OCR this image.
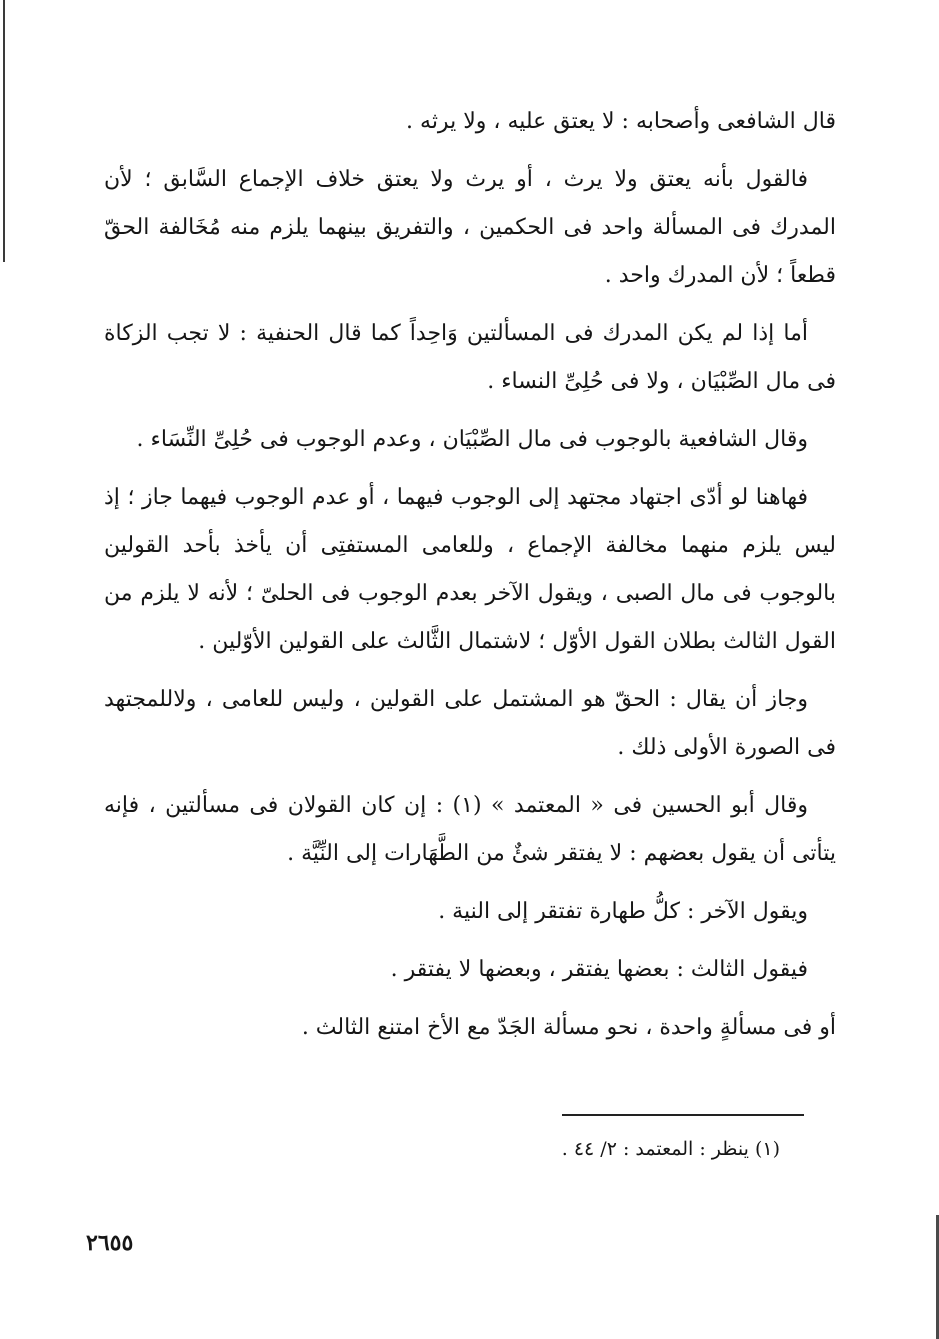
قال الشافعى وأصحابه : لا يعتق عليه ، ولا يرثه .

فالقول بأنه يعتق ولا يرث ، أو يرث ولا يعتق خلاف الإجماع السَّابق ؛ لأن المدرك فى المسألة واحد فى الحكمين ، والتفريق بينهما يلزم منه مُخَالفة الحقّ قطعاً ؛ لأن المدرك واحد .

أما إذا لم يكن المدرك فى المسألتين وَاحِداً كما قال الحنفية : لا تجب الزكاة فى مال الصِّبْيَان ، ولا فى حُلِىِّ النساء .

وقال الشافعية بالوجوب فى مال الصِّبْيَان ، وعدم الوجوب فى حُلِىِّ النِّسَاء .

فهاهنا لو أدّى اجتهاد مجتهد إلى الوجوب فيهما ، أو عدم الوجوب فيهما جاز ؛ إذ ليس يلزم منهما مخالفة الإجماع ، وللعامى المستفتِى أن يأخذ بأحد القولين بالوجوب فى مال الصبى ، ويقول الآخر بعدم الوجوب فى الحلىّ ؛ لأنه لا يلزم من القول الثالث بطلان القول الأوّل ؛ لاشتمال الثَّالث على القولين الأوّلين .

وجاز أن يقال : الحقّ هو المشتمل على القولين ، وليس للعامى ، ولاللمجتهد فى الصورة الأولى ذلك .

وقال أبو الحسين فى « المعتمد » (١) : إن كان القولان فى مسألتين ، فإنه يتأتى أن يقول بعضهم : لا يفتقر شئٌ من الطَّهَارات إلى النِّيَّة .

ويقول الآخر : كلُّ طهارة تفتقر إلى النية .

فيقول الثالث : بعضها يفتقر ، وبعضها لا يفتقر .

أو فى مسألةٍ واحدة ، نحو مسألة الجَدّ مع الأخ امتنع الثالث .

(١) ينظر : المعتمد : ٢/ ٤٤ .
٢٦٥٥
